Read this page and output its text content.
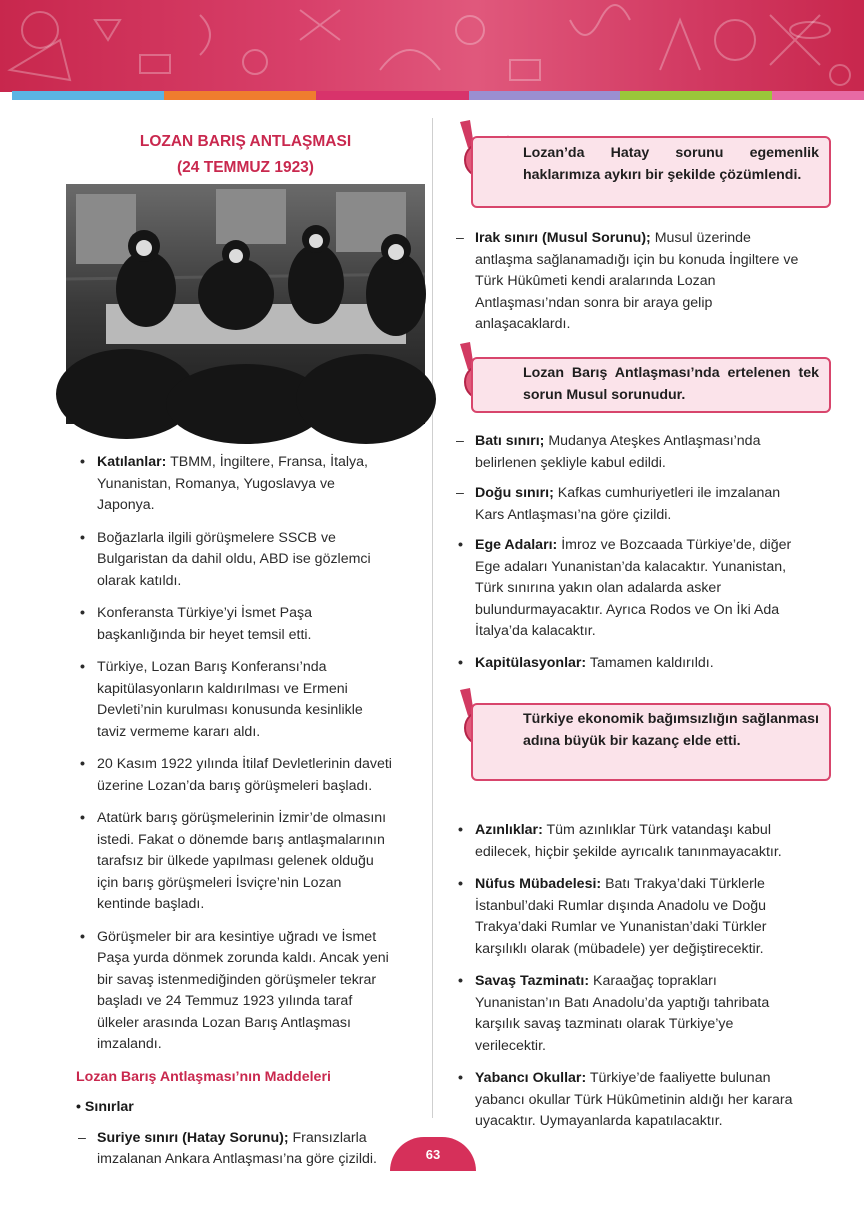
LOZAN BARIŞ ANTLAŞMASI
(24 TEMMUZ 1923)
• Katılanlar: TBMM, İngiltere, Fransa, İtalya, Yunanistan, Romanya, Yugoslavya ve Japonya.
• Boğazlarla ilgili görüşmelere SSCB ve Bulgaristan da dahil oldu, ABD ise gözlemci olarak katıldı.
• Konferansta Türkiye’yi İsmet Paşa başkanlığında bir heyet temsil etti.
• Türkiye, Lozan Barış Konferansı’nda kapitülasyonların kaldırılması ve Ermeni Devleti’nin kurulması konusunda kesinlikle taviz vermeme kararı aldı.
• 20 Kasım 1922 yılında İtilaf Devletlerinin daveti üzerine Lozan’da barış görüşmeleri başladı.
• Atatürk barış görüşmelerinin İzmir’de olmasını istedi. Fakat o dönemde barış antlaşmalarının tarafsız bir ülkede yapılması gelenek olduğu için barış görüşmeleri İsviçre’nin Lozan kentinde başladı.
• Görüşmeler bir ara kesintiye uğradı ve İsmet Paşa yurda dönmek zorunda kaldı. Ancak yeni bir savaş istenmediğinden görüşmeler tekrar başladı ve 24 Temmuz 1923 yılında taraf ülkeler arasında Lozan Barış Antlaşması imzalandı.
Lozan Barış Antlaşması’nın Maddeleri
• Sınırlar
– Suriye sınırı (Hatay Sorunu); Fransızlarla imzalanan Ankara Antlaşması’na göre çizildi.
Lozan’da Hatay sorunu egemenlik haklarımıza aykırı bir şekilde çözümlendi.
– Irak sınırı (Musul Sorunu); Musul üzerinde antlaşma sağlanamadığı için bu konuda İngiltere ve Türk Hükûmeti kendi aralarında Lozan Antlaşması’ndan sonra bir araya gelip anlaşacaklardı.
Lozan Barış Antlaşması’nda ertelenen tek sorun Musul sorunudur.
– Batı sınırı; Mudanya Ateşkes Antlaşması’nda belirlenen şekliyle kabul edildi.
– Doğu sınırı; Kafkas cumhuriyetleri ile imzalanan Kars Antlaşması’na göre çizildi.
• Ege Adaları: İmroz ve Bozcaada Türkiye’de, diğer Ege adaları Yunanistan’da kalacaktır. Yunanistan, Türk sınırına yakın olan adalarda asker bulundurmayacaktır. Ayrıca Rodos ve On İki Ada İtalya’da kalacaktır.
• Kapitülasyonlar: Tamamen kaldırıldı.
Türkiye ekonomik bağımsızlığın sağlanması adına büyük bir kazanç elde etti.
• Azınlıklar: Tüm azınlıklar Türk vatandaşı kabul edilecek, hiçbir şekilde ayrıcalık tanınmayacaktır.
• Nüfus Mübadelesi: Batı Trakya’daki Türklerle İstanbul’daki Rumlar dışında Anadolu ve Doğu Trakya’daki Rumlar ve Yunanistan’daki Türkler karşılıklı olarak (mübadele) yer değiştirecektir.
• Savaş Tazminatı: Karaağaç toprakları Yunanistan’ın Batı Anadolu’da yaptığı tahribata karşılık savaş tazminatı olarak Türkiye’ye verilecektir.
• Yabancı Okullar: Türkiye’de faaliyette bulunan yabancı okullar Türk Hükûmetinin aldığı her karara uyacaktır. Uymayanlarda kapatılacaktır.
63
